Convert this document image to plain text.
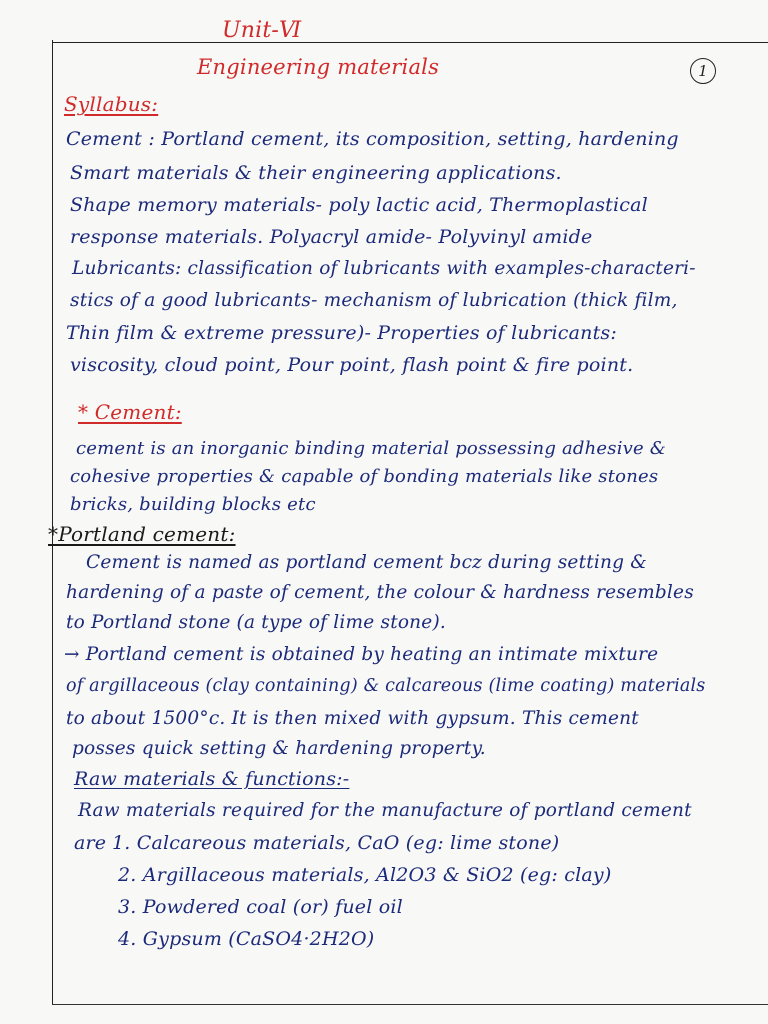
Unit-Ⅵ
Engineering materials	1
Syllabus:
Cement : Portland cement, its composition, setting, hardening
Smart materials & their engineering applications.
Shape memory materials- poly lactic acid, Thermoplastical
response materials. Polyacryl amide- Polyvinyl amide
Lubricants: classification of lubricants with examples-characteri-
stics of a good lubricants- mechanism of lubrication (thick film,
Thin film & extreme pressure)- Properties of lubricants:
viscosity, cloud point, Pour point, flash point & fire point.
* Cement:
cement is an inorganic binding material possessing adhesive &
cohesive properties & capable of bonding materials like stones
bricks, building blocks etc
*Portland cement:
Cement is named as portland cement bcz during setting &
hardening of a paste of cement, the colour & hardness resembles
to Portland stone (a type of lime stone).
→ Portland cement is obtained by heating an intimate mixture
of argillaceous (clay containing) & calcareous (lime coating) materials
to about 1500°c. It is then mixed with gypsum. This cement
posses quick setting & hardening property.
Raw materials & functions:-
Raw materials required for the manufacture of portland cement
are 1. Calcareous materials, CaO (eg: lime stone)
2. Argillaceous materials, Al2O3 & SiO2 (eg: clay)
3. Powdered coal (or) fuel oil
4. Gypsum (CaSO4·2H2O)
